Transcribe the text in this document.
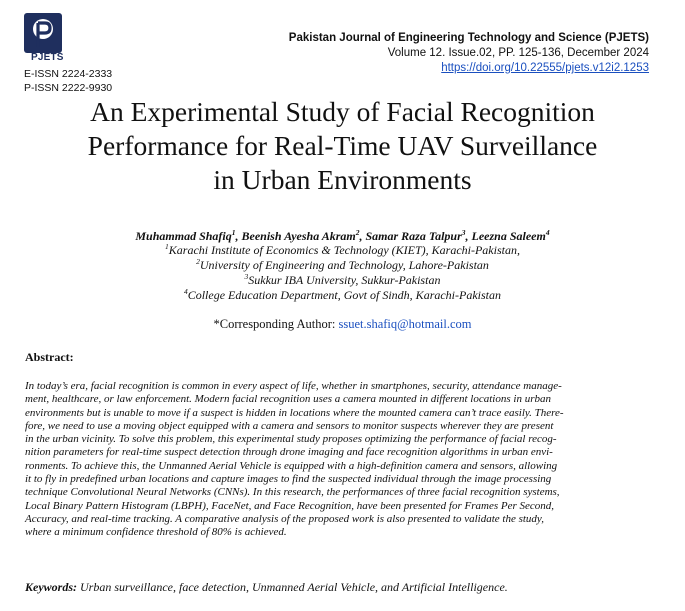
PJETS
E-ISSN 2224-2333
P-ISSN 2222-9930
Pakistan Journal of Engineering Technology and Science (PJETS)
Volume 12. Issue.02, PP. 125-136, December 2024
https://doi.org/10.22555/pjets.v12i2.1253
An Experimental Study of Facial Recognition
Performance for Real-Time UAV Surveillance
in Urban Environments
Muhammad Shafiq$^1$, Beenish Ayesha Akram$^2$, Samar Raza Talpur$^3$, Leezna Saleem$^4$
$^1$Karachi Institute of Economics & Technology (KIET), Karachi-Pakistan,
$^2$University of Engineering and Technology, Lahore-Pakistan
$^3$Sukkur IBA University, Sukkur-Pakistan
$^4$College Education Department, Govt of Sindh, Karachi-Pakistan
*Corresponding Author: ssuet.shafiq@hotmail.com
Abstract:
In today’s era, facial recognition is common in every aspect of life, whether in smartphones, security, attendance manage-
ment, healthcare, or law enforcement. Modern facial recognition uses a camera mounted in different locations in urban
environments but is unable to move if a suspect is hidden in locations where the mounted camera can’t trace easily. There-
fore, we need to use a moving object equipped with a camera and sensors to monitor suspects wherever they are present
in the urban vicinity. To solve this problem, this experimental study proposes optimizing the performance of facial recog-
nition parameters for real-time suspect detection through drone imaging and face recognition algorithms in urban envi-
ronments. To achieve this, the Unmanned Aerial Vehicle is equipped with a high-definition camera and sensors, allowing
it to fly in predefined urban locations and capture images to find the suspected individual through the image processing
technique Convolutional Neural Networks (CNNs). In this research, the performances of three facial recognition systems,
Local Binary Pattern Histogram (LBPH), FaceNet, and Face Recognition, have been presented for Frames Per Second,
Accuracy, and real-time tracking. A comparative analysis of the proposed work is also presented to validate the study,
where a minimum confidence threshold of 80% is achieved.
Keywords: Urban surveillance, face detection, Unmanned Aerial Vehicle, and Artificial Intelligence.
